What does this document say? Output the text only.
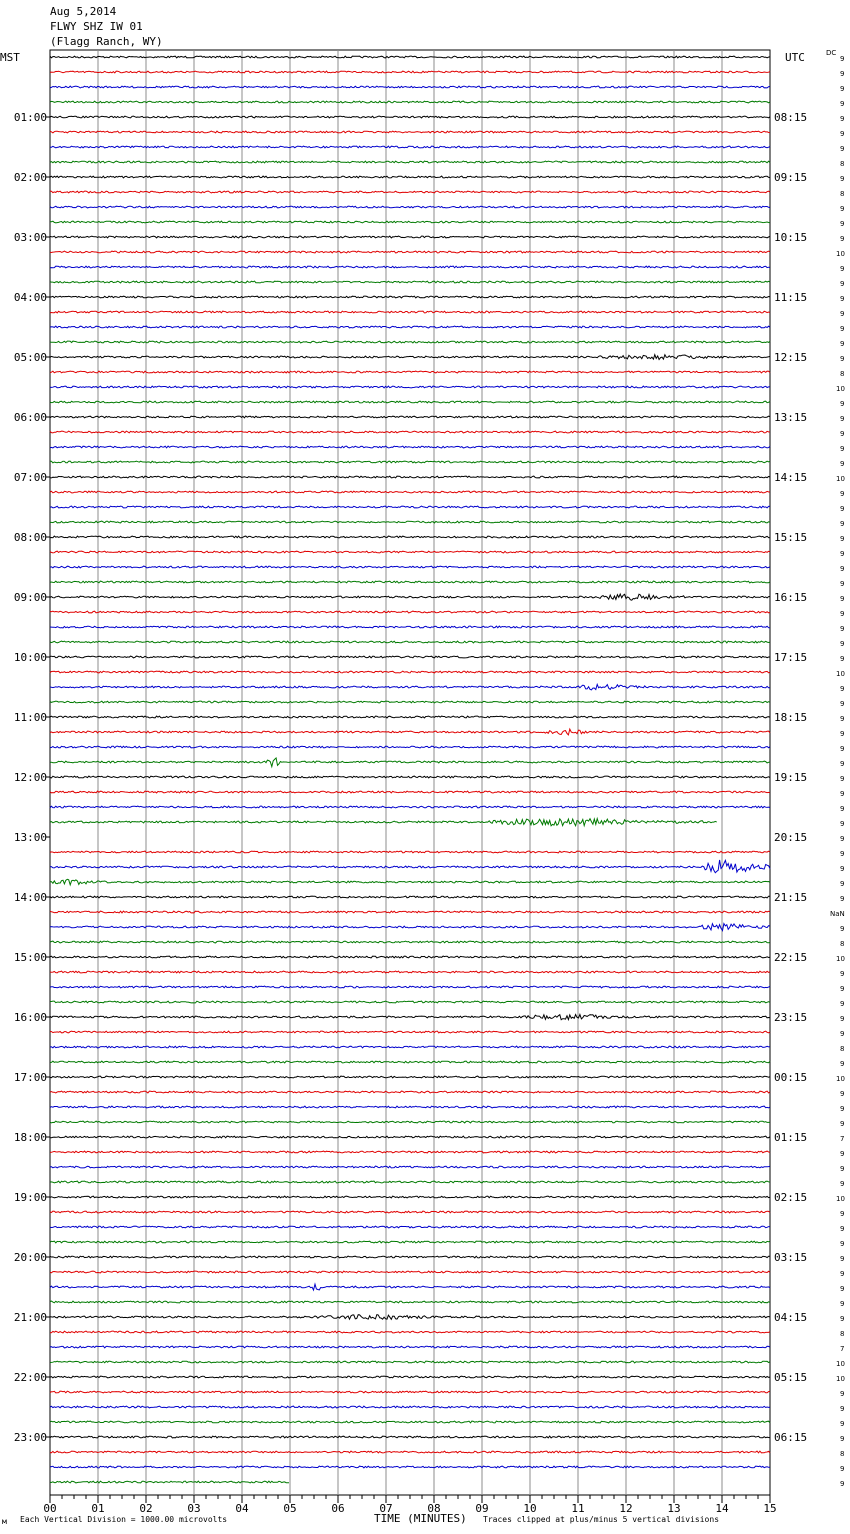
Aug 5,2014
FLWY SHZ IW 01
(Flagg Ranch, WY)
MST	UTC
01:00
02:00
03:00
04:00
05:00
06:00
07:00
08:00
09:00
10:00
11:00
12:00
13:00
14:00
15:00
16:00
17:00
18:00
19:00
20:00
21:00
22:00
23:00
08:15
09:15
10:15
11:15
12:15
13:15
14:15
15:15
16:15
17:15
18:15
19:15
20:15
21:15
22:15
23:15
00:15
01:15
02:15
03:15
04:15
05:15
06:15
DC
9
9
9
9
9
9
9
8
9
8
9
9
9
10
9
9
9
9
9
9
9
8
10
9
9
9
9
9
10
9
9
9
9
9
9
9
9
9
9
9
9
10
9
9
9
9
9
9
9
9
9
9
9
9
9
9
9
NaN
9
8
10
9
9
9
9
9
8
9
10
9
9
9
7
9
9
9
10
9
9
9
9
9
9
9
9
8
7
10
10
9
9
9
9
8
9
9
00	01	02	03	04	05	06	07	08	09	10	11	12	13	14	15
м Each Vertical Division = 1000.00 microvolts	TIME (MINUTES) Traces clipped at plus/minus 5 vertical divisions
